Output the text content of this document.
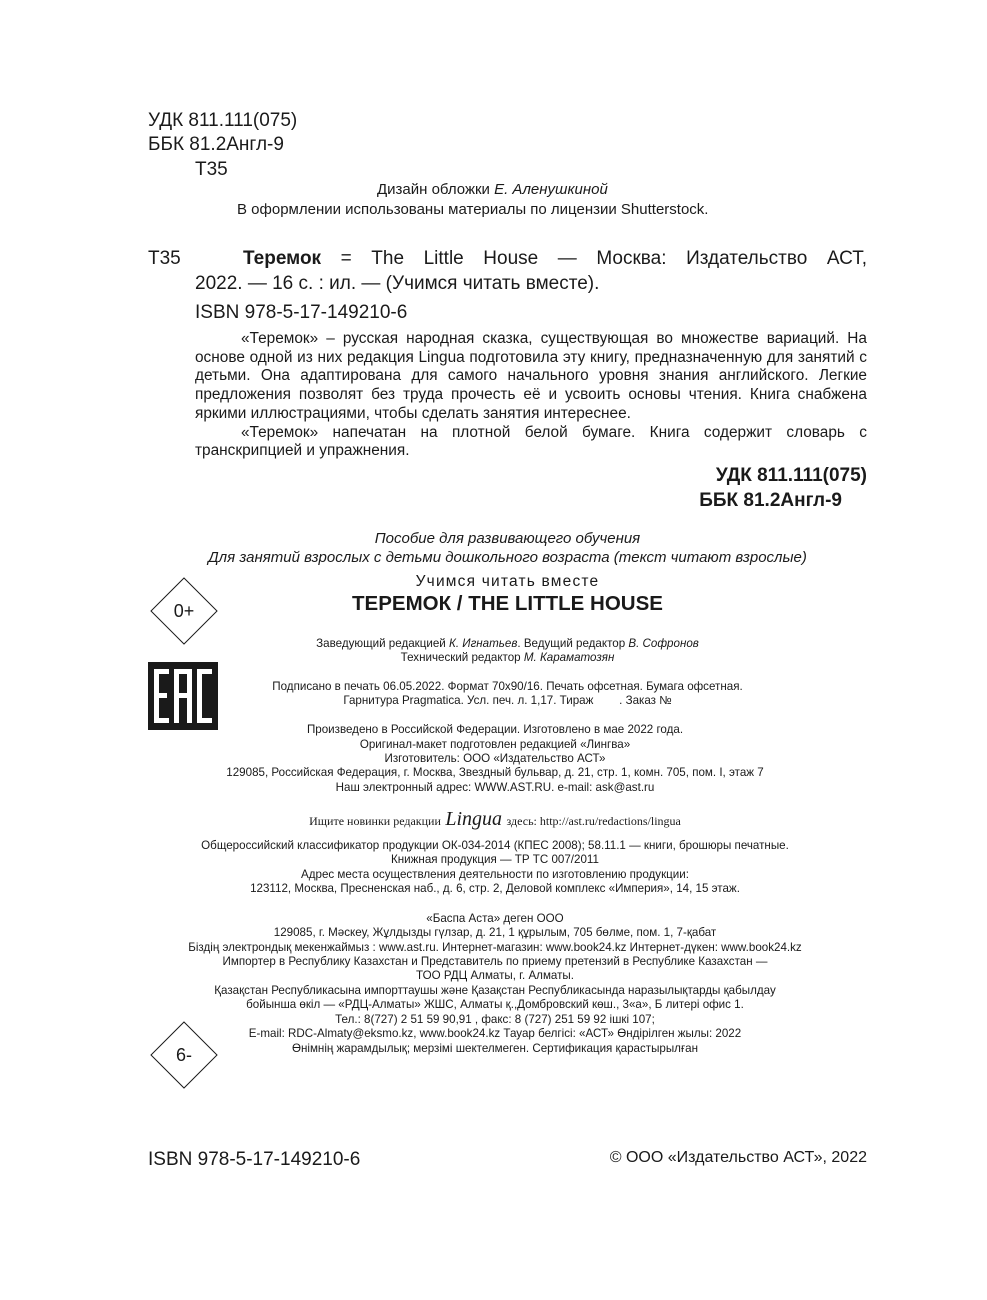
УДК 811.111(075)
ББК 81.2Англ-9
Т35
Дизайн обложки Е. Аленушкиной
В оформлении использованы материалы по лицензии Shutterstock.
Т35	Теремок = The Little House — Москва: Издательство АСТ,
2022. — 16 с. : ил. — (Учимся читать вместе).
ISBN 978-5-17-149210-6

«Теремок» – русская народная сказка, существующая во множестве вариаций. На основе одной из них редакция Lingua подготовила эту книгу, предназначенную для занятий с детьми. Она адаптирована для самого начального уровня знания английского. Легкие предложения позволят без труда прочесть её и усвоить основы чтения. Книга снабжена яркими иллюстрациями, чтобы сделать занятия интереснее.

«Теремок» напечатан на плотной белой бумаге. Книга содержит словарь с транскрипцией и упражнения.

УДК 811.111(075)
ББК 81.2Англ-9
Пособие для развивающего обучения
Для занятий взрослых с детьми дошкольного возраста (текст читают взрослые)
Учимся читать вместе
ТЕРЕМОК / THE LITTLE HOUSE
0+
Заведующий редакцией К. Игнатьев. Ведущий редактор В. Софронов
Технический редактор М. Караматозян
Подписано в печать 06.05.2022. Формат 70x90/16. Печать офсетная. Бумага офсетная.
Гарнитура Pragmatica. Усл. печ. л. 1,17. Тираж        . Заказ №
Произведено в Российской Федерации. Изготовлено в мае 2022 года.
Оригинал-макет подготовлен редакцией «Лингва»
Изготовитель: ООО «Издательство АСТ»
129085, Российская Федерация, г. Москва, Звездный бульвар, д. 21, стр. 1, комн. 705, пом. I, этаж 7
Наш электронный адрес: WWW.AST.RU. e-mail: ask@ast.ru
Ищите новинки редакции Lingua здесь: http://ast.ru/redactions/lingua
Общероссийский классификатор продукции ОК-034-2014 (КПЕС 2008); 58.11.1 — книги, брошюры печатные.
Книжная продукция — ТР ТС 007/2011
Адрес места осуществления деятельности по изготовлению продукции:
123112, Москва, Пресненская наб., д. 6, стр. 2, Деловой комплекс «Империя», 14, 15 этаж.
«Баспа Аста» деген ООО
129085, г. Мәскеу, Жұлдызды гүлзар, д. 21, 1 құрылым, 705 бөлме, пом. 1, 7-қабат
Біздің электрондық мекенжаймыз : www.ast.ru. Интернет-магазин: www.book24.kz Интернет-дүкен: www.book24.kz
Импортер в Республику Казахстан и Представитель по приему претензий в Республике Казахстан —
ТОО РДЦ Алматы, г. Алматы.
Қазақстан Республикасына импорттаушы және Қазақстан Республикасында наразылықтарды қабылдау
бойынша өкіл — «РДЦ-Алматы» ЖШС, Алматы қ.,Домбровский көш., 3«а», Б литері офис 1.
Тел.: 8(727) 2 51 59 90,91 , факс: 8 (727) 251 59 92 ішкі 107;
E-mail: RDC-Almaty@eksmo.kz, www.book24.kz Тауар белгісі: «АСТ» Өндірілген жылы: 2022
Өнімнің жарамдылық; мерзімі шектелмеген. Сертификация қарастырылған
6-
ISBN 978-5-17-149210-6	© ООО «Издательство АСТ», 2022
